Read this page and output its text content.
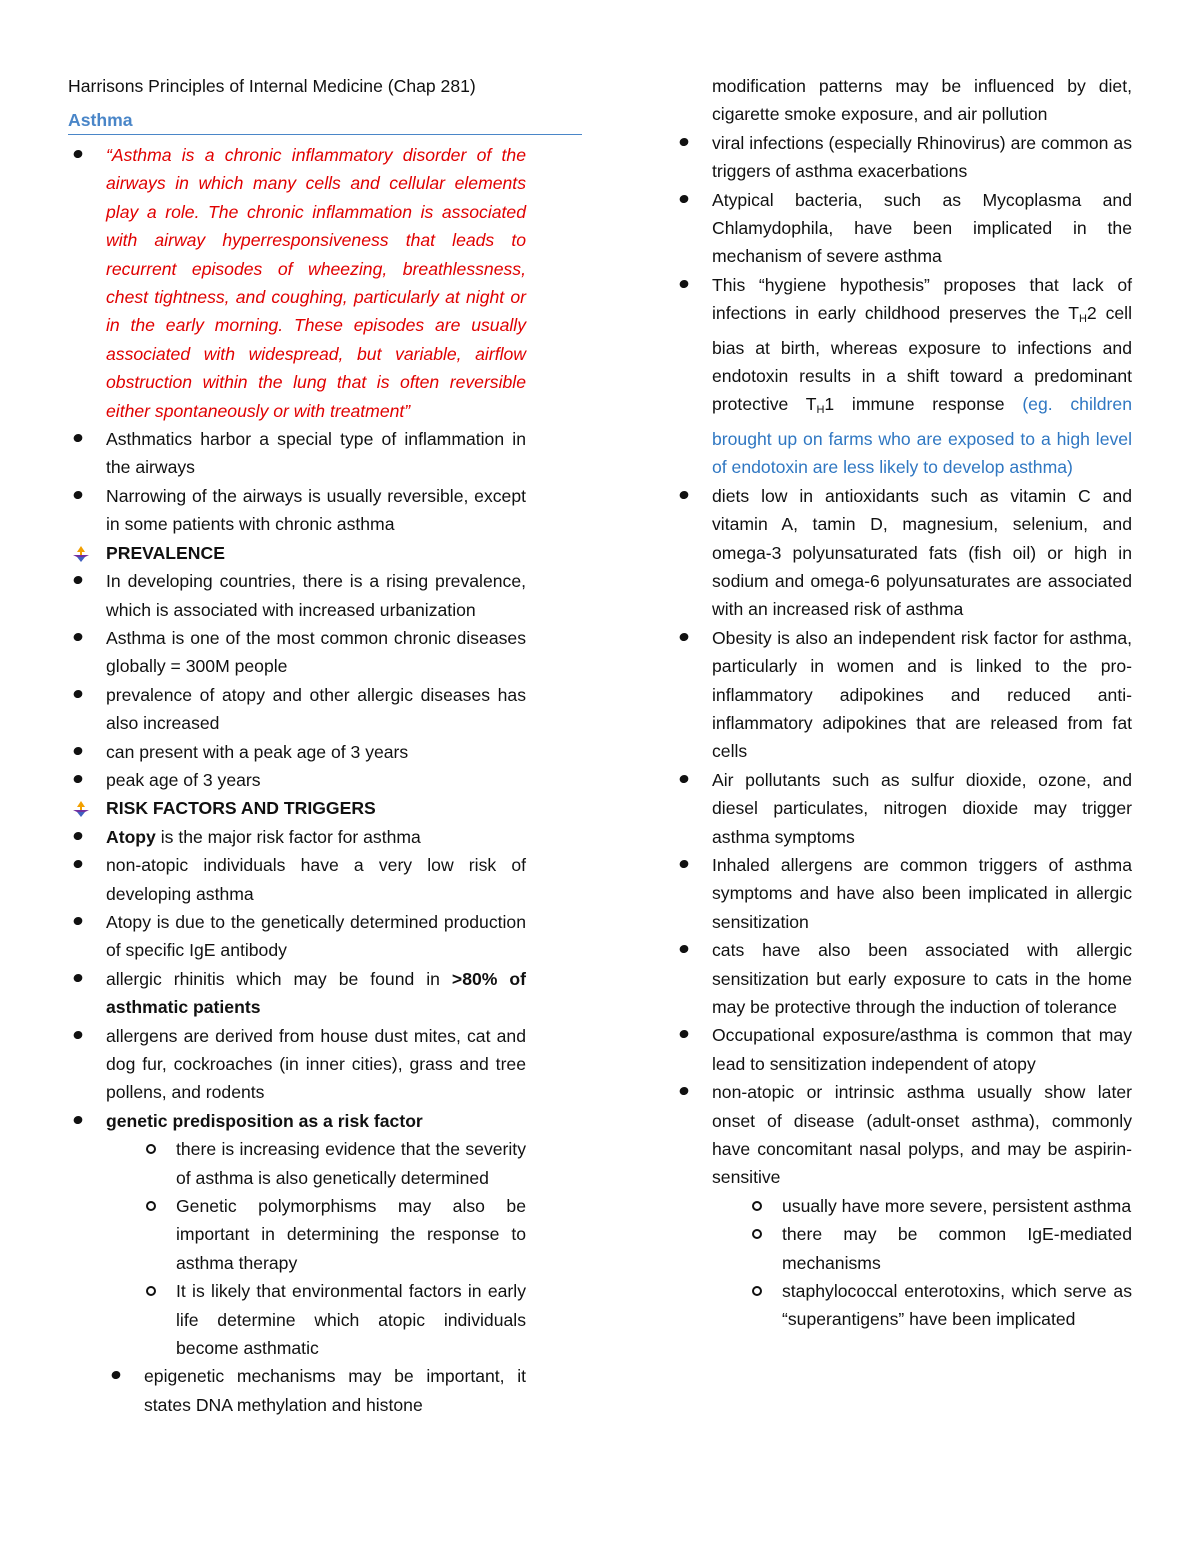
Harrisons Principles of Internal Medicine (Chap 281)
Asthma
“Asthma is a chronic inflammatory disorder of the airways in which many cells and cellular elements play a role. The chronic inflammation is associated with airway hyperresponsiveness that leads to recurrent episodes of wheezing, breathlessness, chest tightness, and coughing, particularly at night or in the early morning. These episodes are usually associated with widespread, but variable, airflow obstruction within the lung that is often reversible either spontaneously or with treatment”
Asthmatics harbor a special type of inflammation in the airways
Narrowing of the airways is usually reversible, except in some patients with chronic asthma
PREVALENCE
In developing countries, there is a rising prevalence, which is associated with increased urbanization
Asthma is one of the most common chronic diseases globally = 300M people
prevalence of atopy and other allergic diseases has also increased
can present with a peak age of 3 years
peak age of 3 years
RISK FACTORS AND TRIGGERS
Atopy is the major risk factor for asthma
non-atopic individuals have a very low risk of developing asthma
Atopy is due to the genetically determined production of specific IgE antibody
allergic rhinitis which may be found in >80% of asthmatic patients
allergens are derived from house dust mites, cat and dog fur, cockroaches (in inner cities), grass and tree pollens, and rodents
genetic predisposition as a risk factor
there is increasing evidence that the severity of asthma is also genetically determined
Genetic polymorphisms may also be important in determining the response to asthma therapy
It is likely that environmental factors in early life determine which atopic individuals become asthmatic
epigenetic mechanisms may be important, it states DNA methylation and histone
modification patterns may be influenced by diet, cigarette smoke exposure, and air pollution
viral infections (especially Rhinovirus) are common as triggers of asthma exacerbations
Atypical bacteria, such as Mycoplasma and Chlamydophila, have been implicated in the mechanism of severe asthma
This “hygiene hypothesis” proposes that lack of infections in early childhood preserves the $T_H2$ cell bias at birth, whereas exposure to infections and endotoxin results in a shift toward a predominant protective $T_H1$ immune response (eg. children brought up on farms who are exposed to a high level of endotoxin are less likely to develop asthma)
diets low in antioxidants such as vitamin C and vitamin A, tamin D, magnesium, selenium, and omega-3 polyunsaturated fats (fish oil) or high in sodium and omega-6 polyunsaturates are associated with an increased risk of asthma
Obesity is also an independent risk factor for asthma, particularly in women and is linked to the pro-inflammatory adipokines and reduced anti-inflammatory adipokines that are released from fat cells
Air pollutants such as sulfur dioxide, ozone, and diesel particulates, nitrogen dioxide may trigger asthma symptoms
Inhaled allergens are common triggers of asthma symptoms and have also been implicated in allergic sensitization
cats have also been associated with allergic sensitization but early exposure to cats in the home may be protective through the induction of tolerance
Occupational exposure/asthma is common that may lead to sensitization independent of atopy
non-atopic or intrinsic asthma usually show later onset of disease (adult-onset asthma), commonly have concomitant nasal polyps, and may be aspirin-sensitive
usually have more severe, persistent asthma
there may be common IgE-mediated mechanisms
staphylococcal enterotoxins, which serve as “superantigens” have been implicated
